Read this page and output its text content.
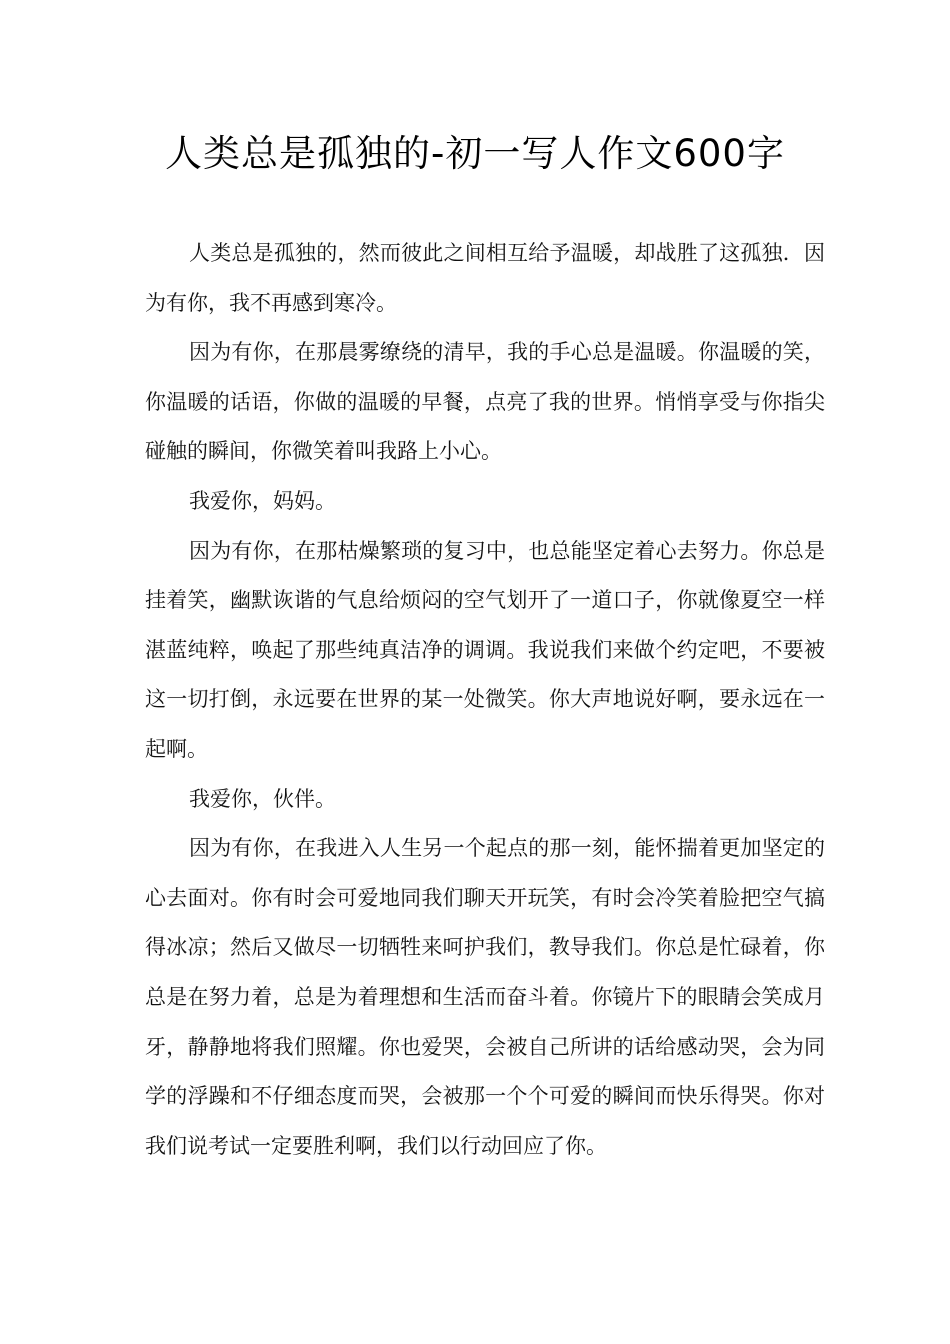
人类总是孤独的-初一写人作文600字

人类总是孤独的，然而彼此之间相互给予温暖，却战胜了这孤独．因为有你，我不再感到寒冷。

因为有你，在那晨雾缭绕的清早，我的手心总是温暖。你温暖的笑，你温暖的话语，你做的温暖的早餐，点亮了我的世界。悄悄享受与你指尖碰触的瞬间，你微笑着叫我路上小心。

我爱你，妈妈。

因为有你，在那枯燥繁琐的复习中，也总能坚定着心去努力。你总是挂着笑，幽默诙谐的气息给烦闷的空气划开了一道口子，你就像夏空一样湛蓝纯粹，唤起了那些纯真洁净的调调。我说我们来做个约定吧，不要被这一切打倒，永远要在世界的某一处微笑。你大声地说好啊，要永远在一起啊。

我爱你，伙伴。

因为有你，在我进入人生另一个起点的那一刻，能怀揣着更加坚定的心去面对。你有时会可爱地同我们聊天开玩笑，有时会冷笑着脸把空气搞得冰凉；然后又做尽一切牺牲来呵护我们，教导我们。你总是忙碌着，你总是在努力着，总是为着理想和生活而奋斗着。你镜片下的眼睛会笑成月牙，静静地将我们照耀。你也爱哭，会被自己所讲的话给感动哭，会为同学的浮躁和不仔细态度而哭，会被那一个个可爱的瞬间而快乐得哭。你对我们说考试一定要胜利啊，我们以行动回应了你。
